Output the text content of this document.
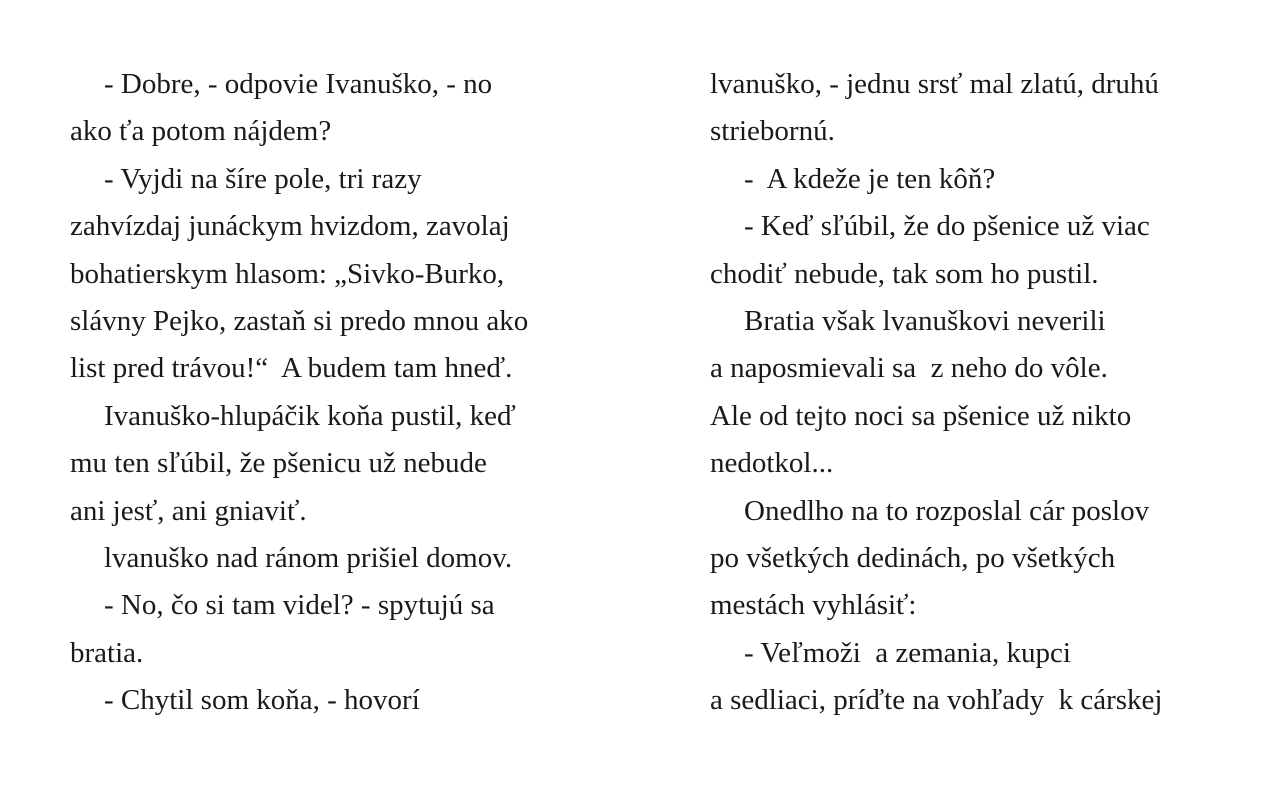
- Dobre, - odpovie Ivanuško, - no

ako ťa potom nájdem?

- Vyjdi na šíre pole, tri razy

zahvízdaj junáckym hvizdom, zavolaj

bohatierskym hlasom: „Sivko-Burko,

slávny Pejko, zastaň si predo mnou ako

list pred trávou!“  A budem tam hneď.

Ivanuško-hlupáčik koňa pustil, keď

mu ten sľúbil, že pšenicu už nebude

ani jesť, ani gniaviť.

lvanuško nad ránom prišiel domov.

- No, čo si tam videl? - spytujú sa

bratia.

- Chytil som koňa, - hovorí

lvanuško, - jednu srsť mal zlatú, druhú

striebornú.

-  A kdeže je ten kôň?

- Keď sľúbil, že do pšenice už viac

chodiť nebude, tak som ho pustil.

Bratia však lvanuškovi neverili

a naposmievali sa  z neho do vôle.

Ale od tejto noci sa pšenice už nikto

nedotkol...

Onedlho na to rozposlal cár poslov

po všetkých dedinách, po všetkých

mestách vyhlásiť:

- Veľmoži  a zemania, kupci

a sedliaci, príďte na vohľady  k cárskej
